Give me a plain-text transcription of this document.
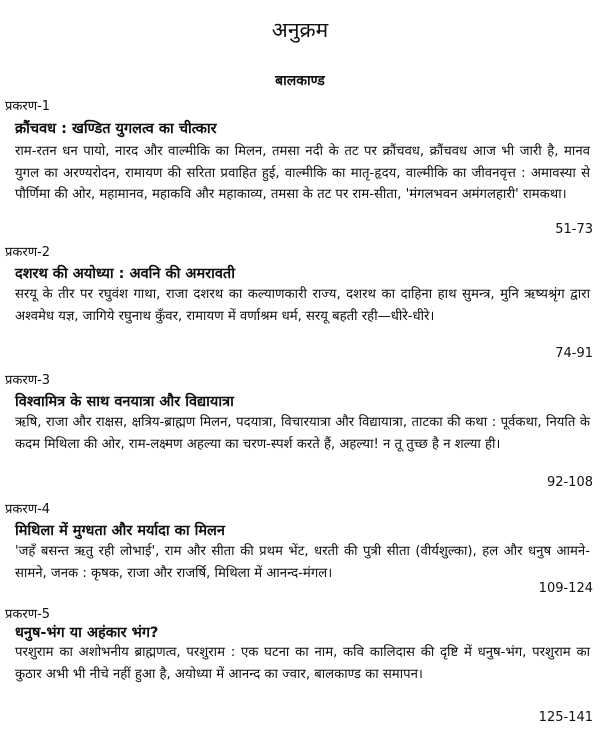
अनुक्रम
बालकाण्ड
प्रकरण-1
क्रौंचवध : खण्डित युगलत्व का चीत्कार
राम-रतन धन पायो, नारद और वाल्मीकि का मिलन, तमसा नदी के तट पर क्रौंचवध, क्रौंचवध आज भी जारी है, मानव युगल का अरण्यरोदन, रामायण की सरिता प्रवाहित हुई, वाल्मीकि का मातृ-हृदय, वाल्मीकि का जीवनवृत्त : अमावस्या से पौर्णिमा की ओर, महामानव, महाकवि और महाकाव्य, तमसा के तट पर राम-सीता, 'मंगलभवन अमंगलहारी' रामकथा।
51-73
प्रकरण-2
दशरथ की अयोध्या : अवनि की अमरावती
सरयू के तीर पर रघुवंश गाथा, राजा दशरथ का कल्याणकारी राज्य, दशरथ का दाहिना हाथ सुमन्त्र, मुनि ऋष्यश्रृंग द्वारा अश्वमेध यज्ञ, जागिये रघुनाथ कुँवर, रामायण में वर्णाश्रम धर्म, सरयू बहती रही—धीरे-धीरे।
74-91
प्रकरण-3
विश्वामित्र के साथ वनयात्रा और विद्यायात्रा
ऋषि, राजा और राक्षस, क्षत्रिय-ब्राह्मण मिलन, पदयात्रा, विचारयात्रा और विद्यायात्रा, ताटका की कथा : पूर्वकथा, नियति के कदम मिथिला की ओर, राम-लक्ष्मण अहल्या का चरण-स्पर्श करते हैं, अहल्या! न तू तुच्छ है न शल्या ही।
92-108
प्रकरण-4
मिथिला में मुग्धता और मर्यादा का मिलन
'जहँ बसन्त ऋतु रही लोभाई', राम और सीता की प्रथम भेंट, धरती की पुत्री सीता (वीर्यशुल्का), हल और धनुष आमने-सामने, जनक : कृषक, राजा और राजर्षि, मिथिला में आनन्द-मंगल।
109-124
प्रकरण-5
धनुष-भंग या अहंकार भंग?
परशुराम का अशोभनीय ब्राह्मणत्व, परशुराम : एक घटना का नाम, कवि कालिदास की दृष्टि में धनुष-भंग, परशुराम का कुठार अभी भी नीचे नहीं हुआ है, अयोध्या में आनन्द का ज्वार, बालकाण्ड का समापन।
125-141
